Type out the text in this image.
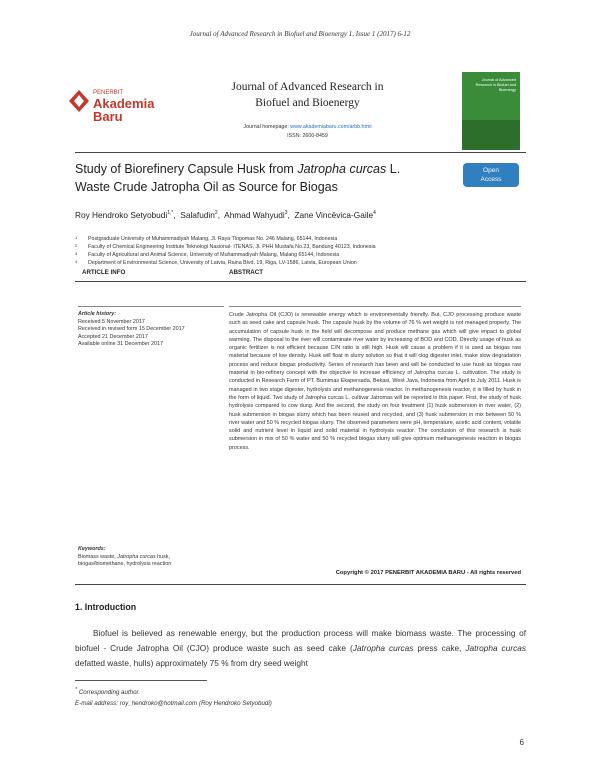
Journal of Advanced Research in Biofuel and Bioenergy 1, Issue 1 (2017) 6-12
PENERBIT
Akademia Baru
Journal of Advanced Research in
Biofuel and Bioenergy
Journal homepage: www.akademiabaru.com/arbb.html
ISSN: 2600-8459
Journal of Advanced Research in Biofuel and Bioenergy
Study of Biorefinery Capsule Husk from Jatropha curcas L.
Waste Crude Jatropha Oil as Source for Biogas
Open
Access
Roy Hendroko Setyobudi$^{1,*}$,  Salafudin$^2$,  Ahmad Wahyudi$^3$,  Zane Vincēvica-Gaile$^4$
1 Postgraduate University of Muhammadiyah Malang, Jl. Raya Tlogomas No. 246 Malang, 65144, Indonesia
2 Faculty of Chemical Engineering Institute Teknologi Nasional- ITENAS, Jl. PHH Mustafa No.23, Bandung 40123, Indonesia
3 Faculty of Agricultural and Animal Science, University of Muhammadiyah Malang, Malang 65144, Indonesia
4 Department of Environmental Science, University of Latvia, Raina Blvd. 19, Riga, LV-1586, Latvia, European Union
ARTICLE INFO	ABSTRACT
Article history:
Received 5 November 2017
Received in revised form 15 December 2017
Accepted 21 December 2017
Available online 31 December 2017
Crude Jatropha Oil (CJO) is renewable energy which is environmentally friendly. But, CJO processing produce waste such as seed cake and capsule husk. The capsule husk by the volume of 76 % wet weight is not managed properly. The accumulation of capsule husk in the field will decompose and produce methane gas which will give impact to global warming. The disposal to the river will contaminate river water by increasing of BOD and COD. Directly usage of husk as organic fertilizer is not efficient because C/N ratio is still high. Husk will cause a problem if it is used as biogas raw material because of low density. Husk will float in slurry solution so that it will clog digester inlet, make slow degradation process and reduce biogas productivity. Series of research has been and will be conducted to use husk as biogas raw material in bio-refinery concept with the objective to increase efficiency of Jatropha curcas L. cultivation. The study is conducted in Research Farm of PT. Bumimas Ekapersada, Bekasi, West Java, Indonesia from April to July 2011. Husk is managed in two stage digester, hydrolysis and methanogenesis reactor. In methanogenesis reactor, it is filled by husk in the form of liquid. Two study of Jatropha curcas L. cultivar Jatromas will be reported in this paper. First, the study of husk hydrolysis compared to cow dung. And the second, the study on four treatment (1) husk submersion in river water, (2) husk submersion in biogas slurry which has been reused and recycled, and (3) husk submersion in mix between 50 % river water and 50 % recycled biogas slurry. The observed parameters were pH, temperature, acetic acid content, volatile solid and nutrient level in liquid and solid material in hydrolysis reactor. The conclusion of this research is husk submersion in mix of 50 % water and 50 % recycled biogas slurry will give optimum methanogenesis reaction in biogas process.
Keywords:
Biomass waste, Jatropha curcas husk,
biogas/biomethane, hydrolysis reaction
Copyright © 2017 PENERBIT AKADEMIA BARU - All rights reserved
1. Introduction
Biofuel is believed as renewable energy, but the production process will make biomass waste. The processing of biofuel - Crude Jatropha Oil (CJO) produce waste such as seed cake (Jatropha curcas press cake, Jatropha curcas defatted waste, hulls) approximately 75 % from dry seed weight
* Corresponding author.
E-mail address: roy_hendroko@hotmail.com (Roy Hendroko Setyobudi)
6
